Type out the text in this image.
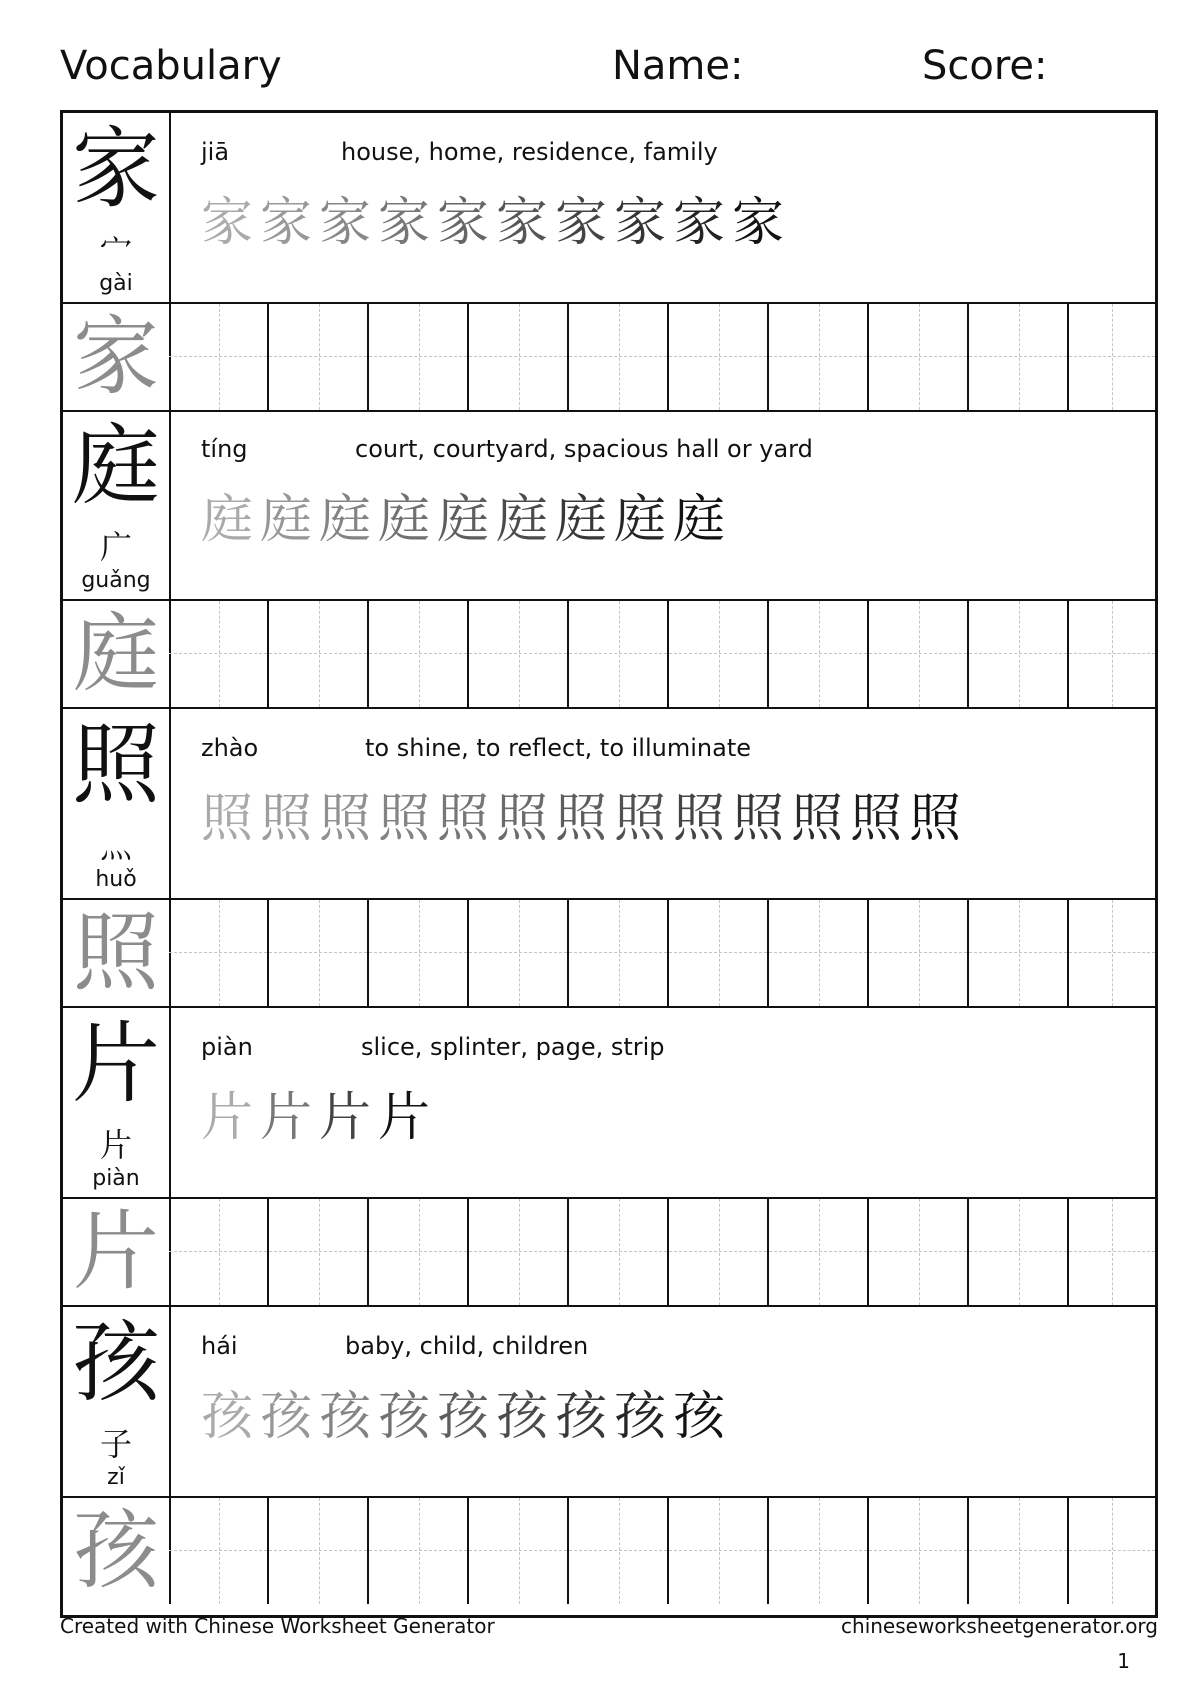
Vocabulary	Name:	Score:
家
宀
gài
jiā	house, home, residence, family
家 家 家 家 家 家 家 家 家 家
家
庭
广
guǎng
tíng	court, courtyard, spacious hall or yard
庭 庭 庭 庭 庭 庭 庭 庭 庭
庭
照
灬
huǒ
zhào	to shine, to reflect, to illuminate
照 照 照 照 照 照 照 照 照 照 照 照 照
照
片
片
piàn
piàn	slice, splinter, page, strip
片 片 片 片
片
孩
子
zǐ
hái	baby, child, children
孩 孩 孩 孩 孩 孩 孩 孩 孩
孩
Created with Chinese Worksheet Generator	chineseworksheetgenerator.org
1
